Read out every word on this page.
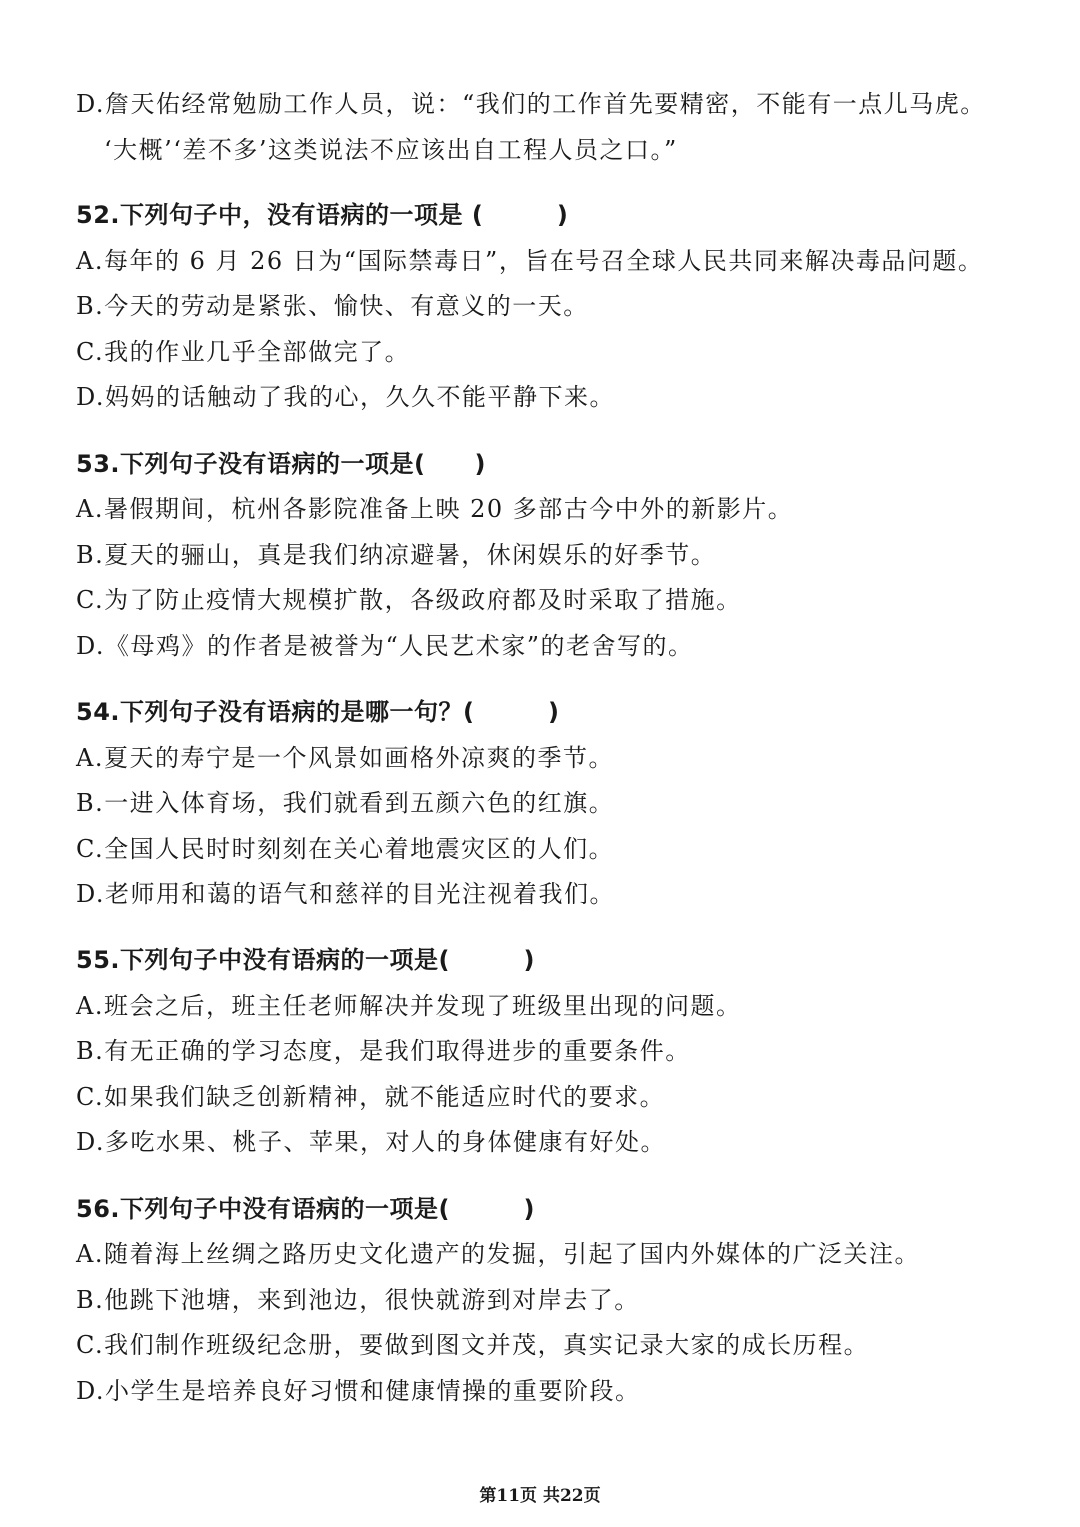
D.詹天佑经常勉励工作人员，说：“我们的工作首先要精密，不能有一点儿马虎。
‘大概’‘差不多’这类说法不应该出自工程人员之口。”
52.下列句子中，没有语病的一项是 (　　　)
A.每年的 6 月 26 日为“国际禁毒日”，旨在号召全球人民共同来解决毒品问题。
B.今天的劳动是紧张、愉快、有意义的一天。
C.我的作业几乎全部做完了。
D.妈妈的话触动了我的心，久久不能平静下来。
53.下列句子没有语病的一项是(　　)
A.暑假期间，杭州各影院准备上映 20 多部古今中外的新影片。
B.夏天的骊山，真是我们纳凉避暑，休闲娱乐的好季节。
C.为了防止疫情大规模扩散，各级政府都及时采取了措施。
D.《母鸡》的作者是被誉为“人民艺术家”的老舍写的。
54.下列句子没有语病的是哪一句？(　　　)
A.夏天的寿宁是一个风景如画格外凉爽的季节。
B.一进入体育场，我们就看到五颜六色的红旗。
C.全国人民时时刻刻在关心着地震灾区的人们。
D.老师用和蔼的语气和慈祥的目光注视着我们。
55.下列句子中没有语病的一项是(　　　)
A.班会之后，班主任老师解决并发现了班级里出现的问题。
B.有无正确的学习态度，是我们取得进步的重要条件。
C.如果我们缺乏创新精神，就不能适应时代的要求。
D.多吃水果、桃子、苹果，对人的身体健康有好处。
56.下列句子中没有语病的一项是(　　　)
A.随着海上丝绸之路历史文化遗产的发掘，引起了国内外媒体的广泛关注。
B.他跳下池塘，来到池边，很快就游到对岸去了。
C.我们制作班级纪念册，要做到图文并茂，真实记录大家的成长历程。
D.小学生是培养良好习惯和健康情操的重要阶段。
第11页 共22页
